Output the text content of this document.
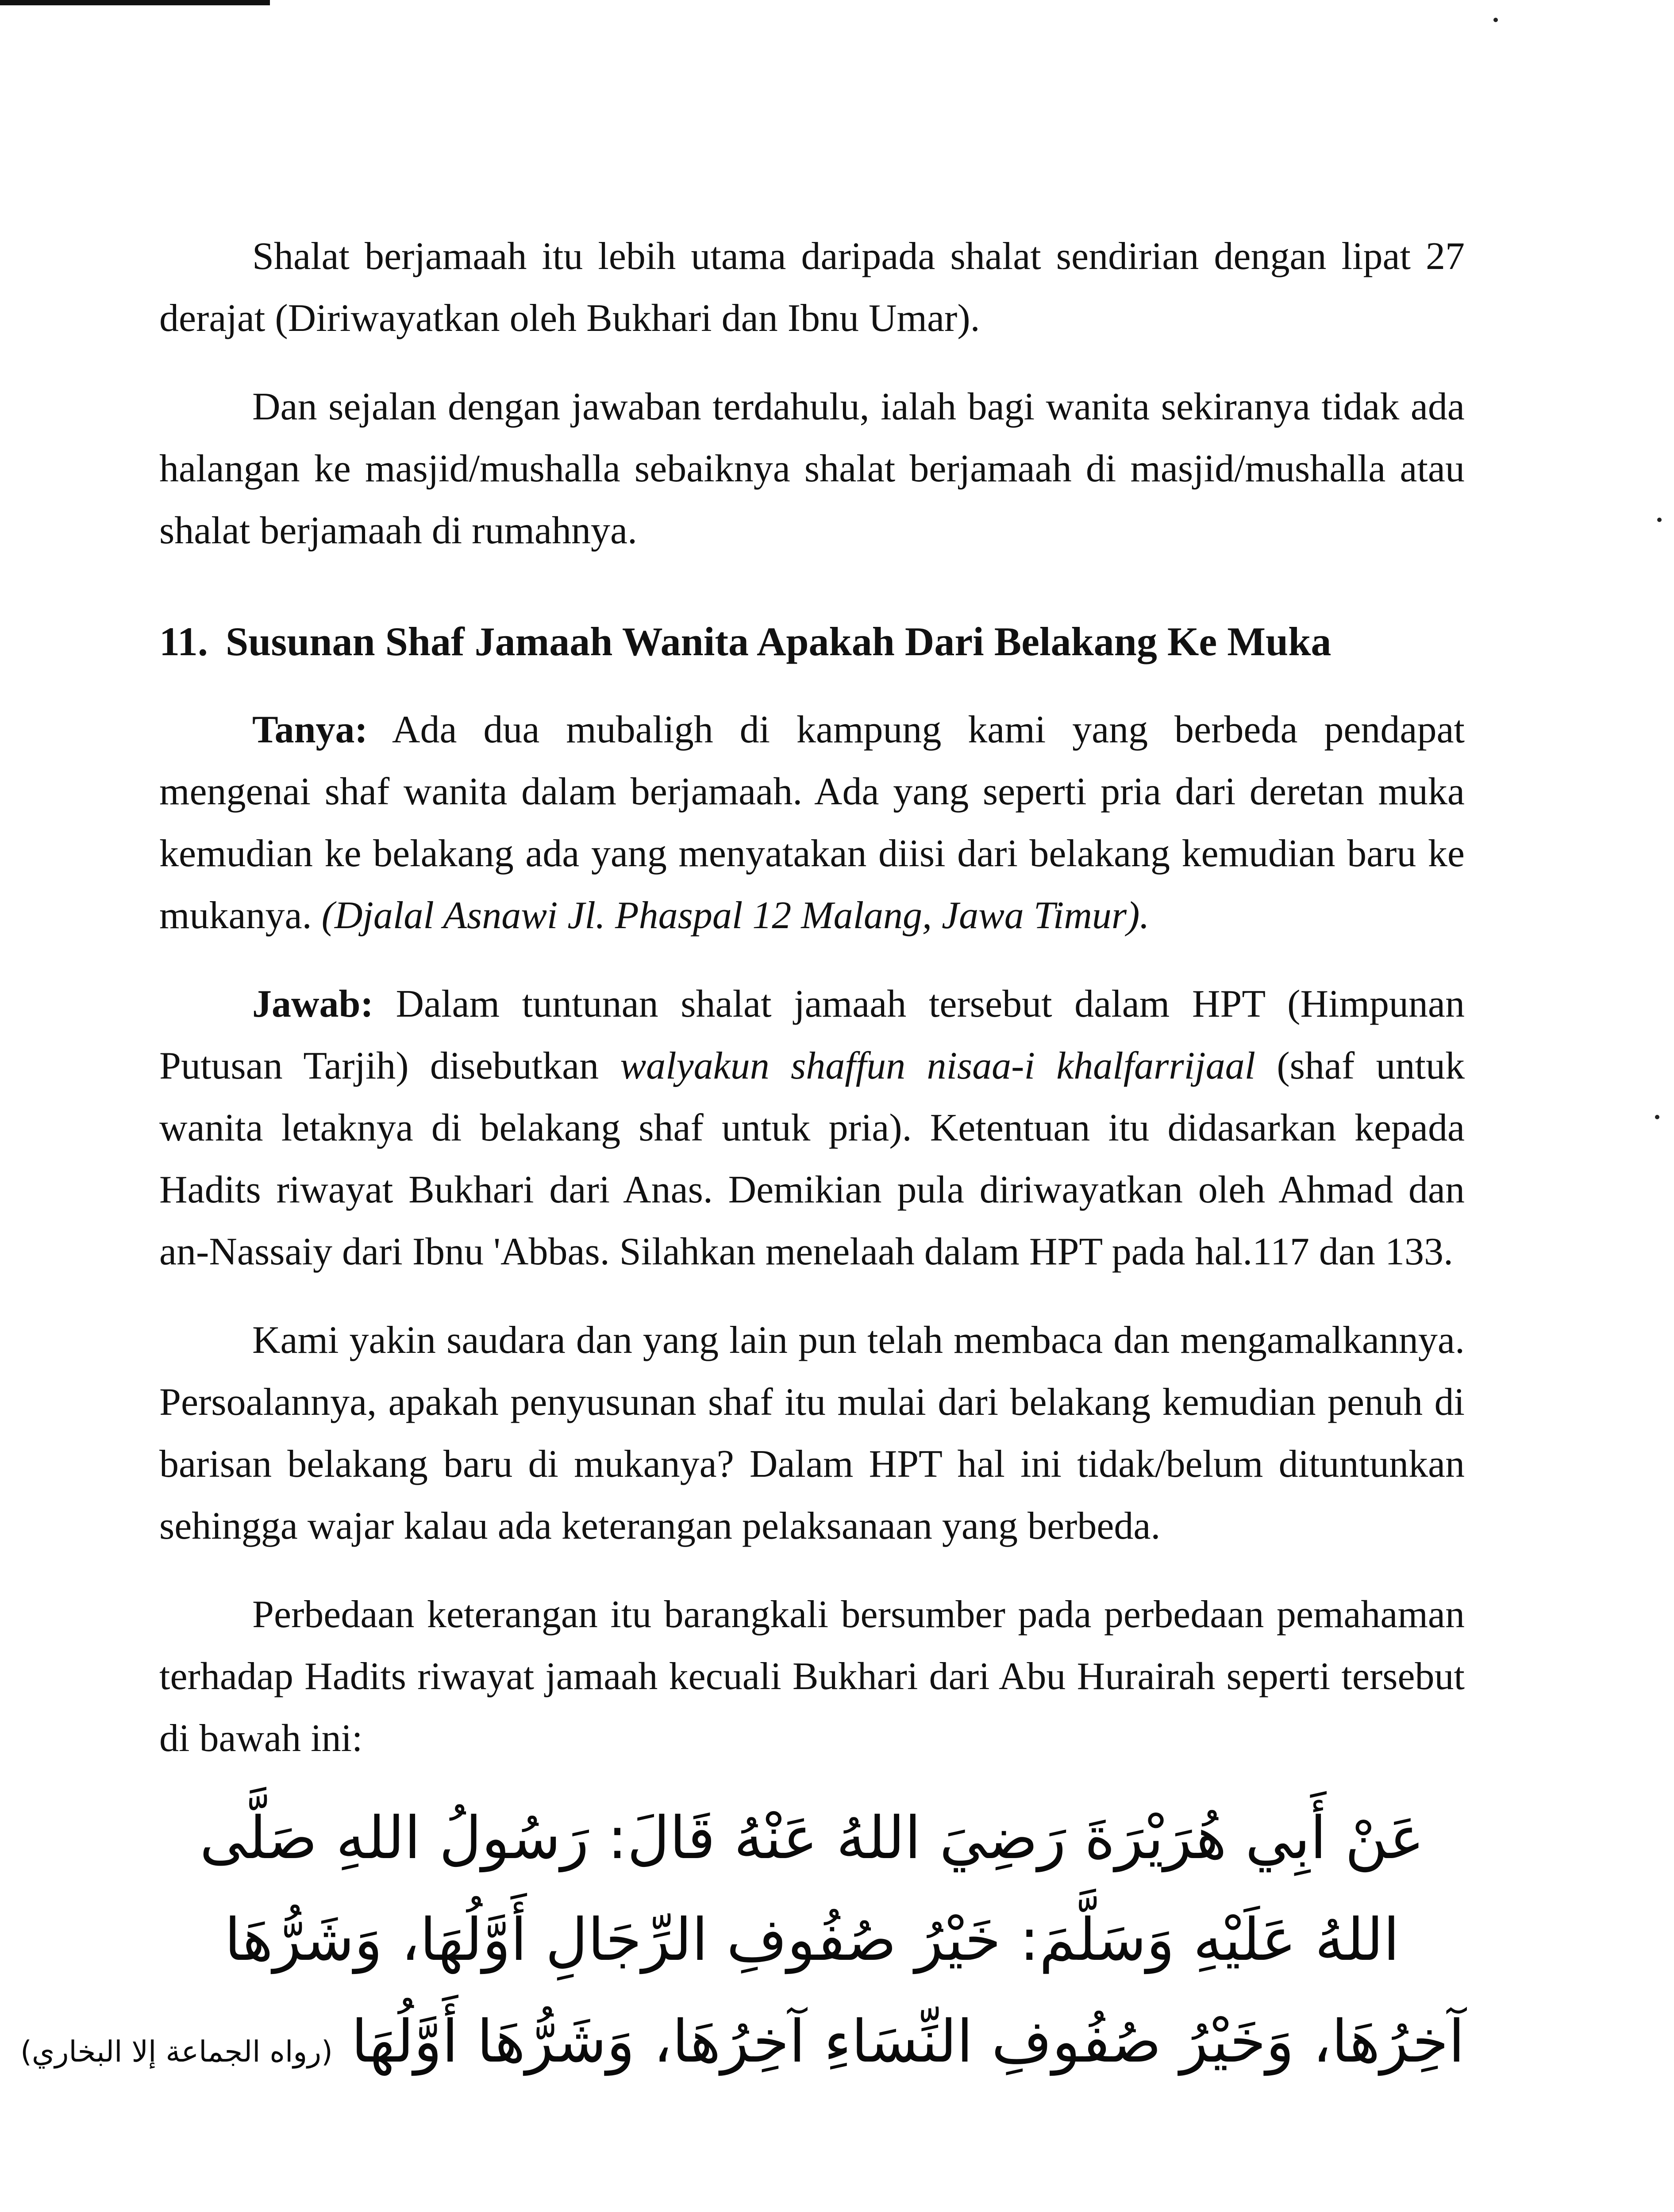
Shalat berjamaah itu lebih utama daripada shalat sendirian dengan lipat 27 derajat (Diriwayatkan oleh Bukhari dan Ibnu Umar).

Dan sejalan dengan jawaban terdahulu, ialah bagi wanita sekiranya tidak ada halangan ke masjid/mushalla sebaiknya shalat berjamaah di masjid/mushalla atau shalat berjamaah di rumahnya.

11. Susunan Shaf Jamaah Wanita Apakah Dari Belakang Ke Muka

Tanya: Ada dua mubaligh di kampung kami yang berbeda pendapat mengenai shaf wanita dalam berjamaah. Ada yang seperti pria dari deretan muka kemudian ke belakang ada yang menyatakan diisi dari belakang kemudian baru ke mukanya. (Djalal Asnawi Jl. Phaspal 12 Malang, Jawa Timur).

Jawab: Dalam tuntunan shalat jamaah tersebut dalam HPT (Himpunan Putusan Tarjih) disebutkan walyakun shaffun nisaa-i khalfarrijaal (shaf untuk wanita letaknya di belakang shaf untuk pria). Ketentuan itu didasarkan kepada Hadits riwayat Bukhari dari Anas. Demikian pula diriwayatkan oleh Ahmad dan an-Nassaiy dari Ibnu 'Abbas. Silahkan menelaah dalam HPT pada hal.117 dan 133.

Kami yakin saudara dan yang lain pun telah membaca dan mengamalkannya. Persoalannya, apakah penyusunan shaf itu mulai dari belakang kemudian penuh di barisan belakang baru di mukanya? Dalam HPT hal ini tidak/belum dituntunkan sehingga wajar kalau ada keterangan pelaksanaan yang berbeda.

Perbedaan keterangan itu barangkali bersumber pada perbedaan pemahaman terhadap Hadits riwayat jamaah kecuali Bukhari dari Abu Hurairah seperti tersebut di bawah ini:

عَنْ أَبِي هُرَيْرَةَ رَضِيَ اللهُ عَنْهُ قَالَ: رَسُولُ اللهِ صَلَّى
اللهُ عَلَيْهِ وَسَلَّمَ: خَيْرُ صُفُوفِ الرِّجَالِ أَوَّلُهَا، وَشَرُّهَا
آخِرُهَا، وَخَيْرُ صُفُوفِ النِّسَاءِ آخِرُهَا، وَشَرُّهَا أَوَّلُهَا (رواه الجماعة إلا البخاري)
